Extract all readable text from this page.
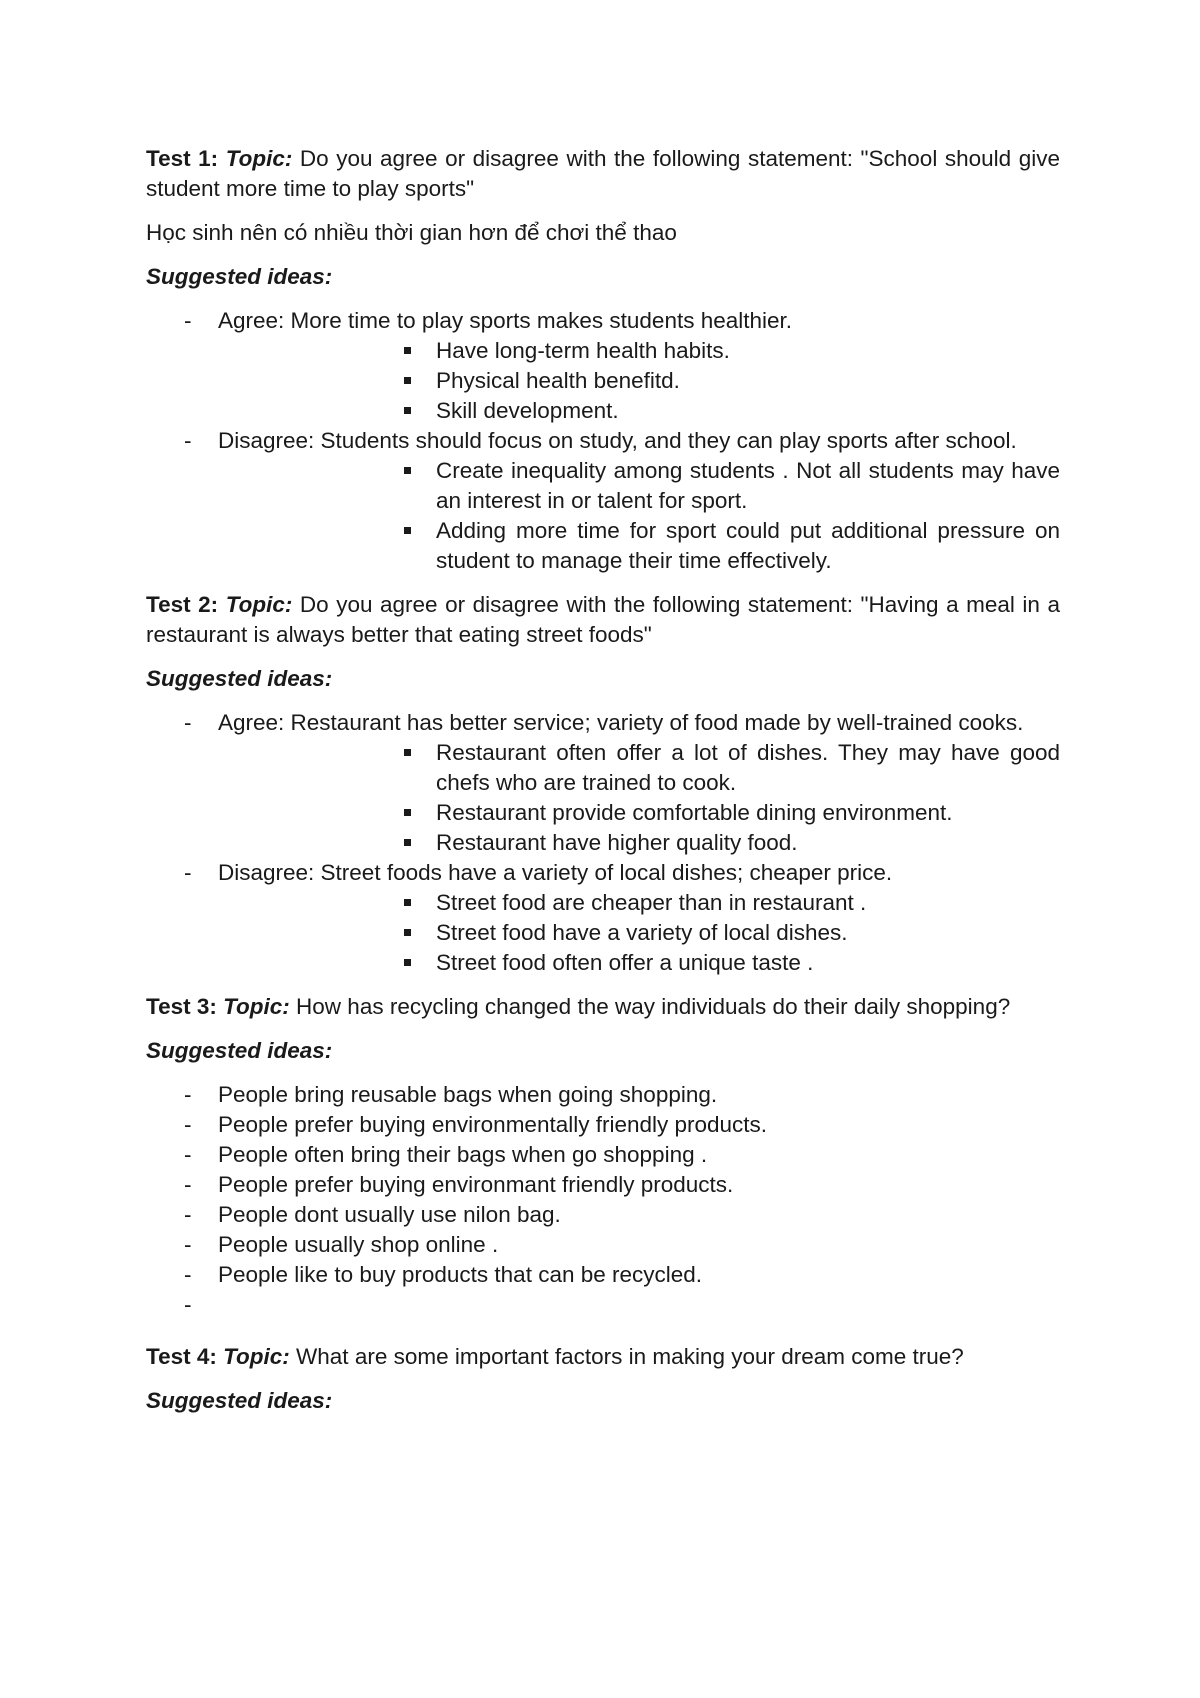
Test 1: Topic: Do you agree or disagree with the following statement: "School should give student more time to play sports"

Học sinh nên có nhiều thời gian hơn để chơi thể thao

Suggested ideas:

- Agree: More time to play sports makes students healthier.
Have long-term health habits.
Physical health benefitd.
Skill development.
- Disagree: Students should focus on study, and they can play sports after school.
Create inequality among students . Not all students may have an interest in or talent for sport.
Adding more time for sport could put additional pressure on student to manage their time effectively.

Test 2: Topic: Do you agree or disagree with the following statement: "Having a meal in a restaurant is always better that eating street foods"

Suggested ideas:

- Agree: Restaurant has better service; variety of food made by well-trained cooks.
Restaurant often offer a lot of dishes. They may have good chefs who are trained to cook.
Restaurant provide comfortable dining environment.
Restaurant have higher quality food.
- Disagree: Street foods have a variety of local dishes; cheaper price.
Street food are cheaper than in restaurant .
Street food have a variety of local dishes.
Street food often offer a unique taste .

Test 3: Topic: How has recycling changed the way individuals do their daily shopping?

Suggested ideas:

- People bring reusable bags when going shopping.
- People prefer buying environmentally friendly products.
- People often bring their bags when go shopping .
- People prefer buying environmant friendly products.
- People dont usually use nilon bag.
- People usually shop online .
- People like to buy products that can be recycled.
-

Test 4: Topic: What are some important factors in making your dream come true?

Suggested ideas:
